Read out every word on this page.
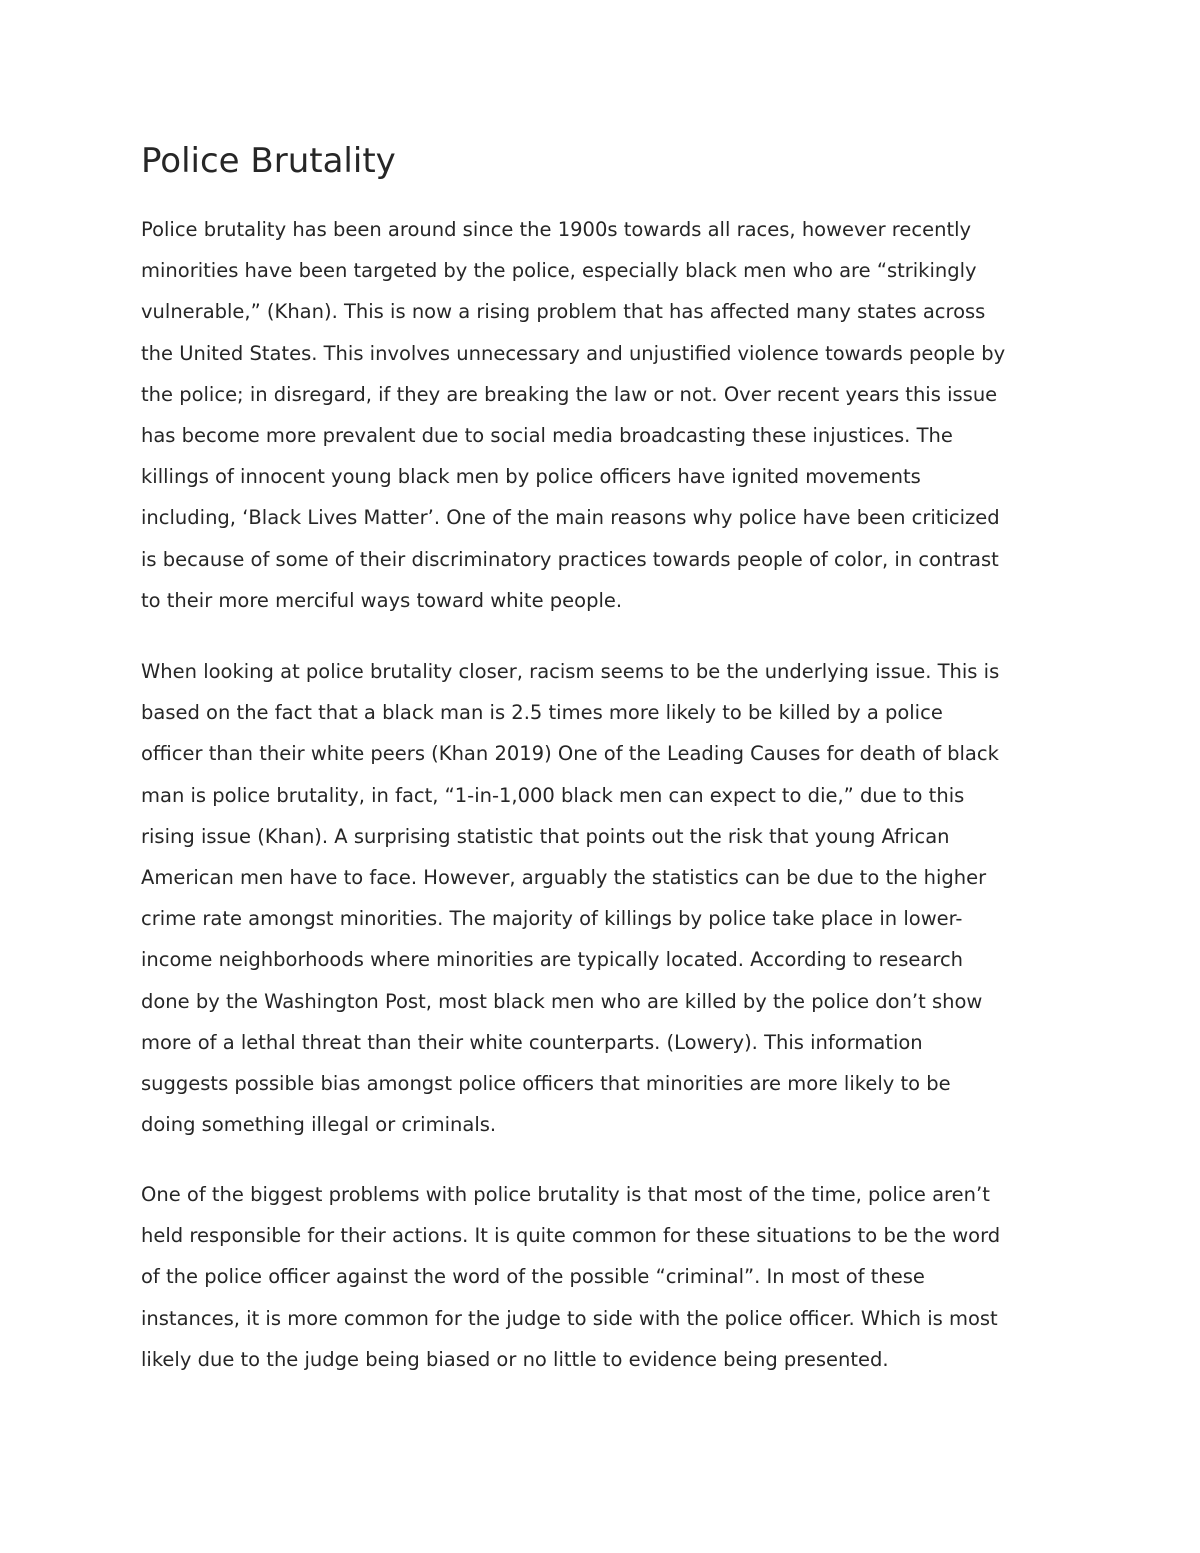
Police Brutality

Police brutality has been around since the 1900s towards all races, however recently
minorities have been targeted by the police, especially black men who are “strikingly
vulnerable,” (Khan). This is now a rising problem that has affected many states across
the United States. This involves unnecessary and unjustified violence towards people by
the police; in disregard, if they are breaking the law or not. Over recent years this issue
has become more prevalent due to social media broadcasting these injustices. The
killings of innocent young black men by police officers have ignited movements
including, ‘Black Lives Matter’. One of the main reasons why police have been criticized
is because of some of their discriminatory practices towards people of color, in contrast
to their more merciful ways toward white people.

When looking at police brutality closer, racism seems to be the underlying issue. This is
based on the fact that a black man is 2.5 times more likely to be killed by a police
officer than their white peers (Khan 2019) One of the Leading Causes for death of black
man is police brutality, in fact, “1-in-1,000 black men can expect to die,” due to this
rising issue (Khan). A surprising statistic that points out the risk that young African
American men have to face. However, arguably the statistics can be due to the higher
crime rate amongst minorities. The majority of killings by police take place in lower-
income neighborhoods where minorities are typically located. According to research
done by the Washington Post, most black men who are killed by the police don’t show
more of a lethal threat than their white counterparts. (Lowery). This information
suggests possible bias amongst police officers that minorities are more likely to be
doing something illegal or criminals.

One of the biggest problems with police brutality is that most of the time, police aren’t
held responsible for their actions. It is quite common for these situations to be the word
of the police officer against the word of the possible “criminal”. In most of these
instances, it is more common for the judge to side with the police officer. Which is most
likely due to the judge being biased or no little to evidence being presented.
